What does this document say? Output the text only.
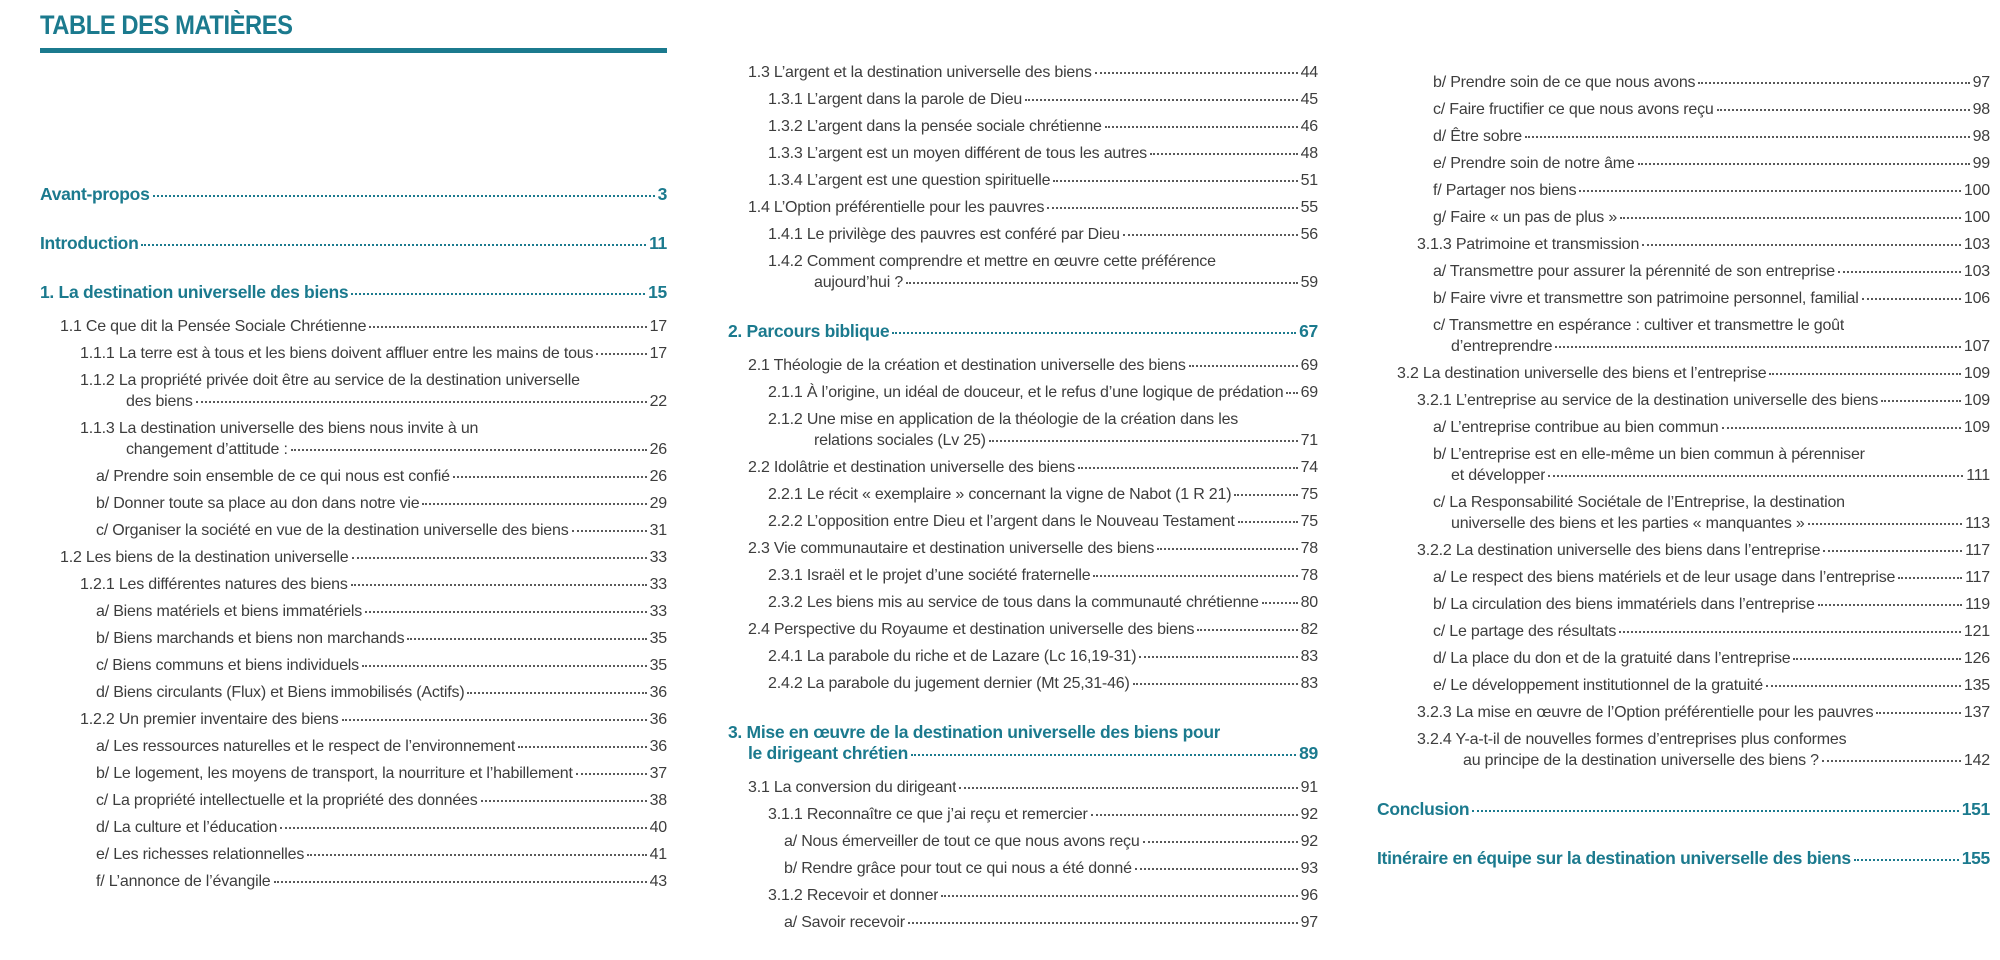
TABLE DES MATIÈRES
Avant-propos	3
Introduction	11
1. La destination universelle des biens	15
1.1 Ce que dit la Pensée Sociale Chrétienne	17
1.1.1 La terre est à tous et les biens doivent affluer entre les mains de tous	17
1.1.2 La propriété privée doit être au service de la destination universelle
des biens	22
1.1.3 La destination universelle des biens nous invite à un
changement d’attitude :	26
a/ Prendre soin ensemble de ce qui nous est confié	26
b/ Donner toute sa place au don dans notre vie	29
c/ Organiser la société en vue de la destination universelle des biens	31
1.2 Les biens de la destination universelle	33
1.2.1 Les différentes natures des biens	33
a/ Biens matériels et biens immatériels	33
b/ Biens marchands et biens non marchands	35
c/ Biens communs et biens individuels	35
d/ Biens circulants (Flux) et Biens immobilisés (Actifs)	36
1.2.2 Un premier inventaire des biens	36
a/ Les ressources naturelles et le respect de l’environnement	36
b/ Le logement, les moyens de transport, la nourriture et l’habillement	37
c/ La propriété intellectuelle et la propriété des données	38
d/ La culture et l’éducation	40
e/ Les richesses relationnelles	41
f/ L’annonce de l’évangile	43
1.3 L’argent et la destination universelle des biens	44
1.3.1 L’argent dans la parole de Dieu	45
1.3.2 L’argent dans la pensée sociale chrétienne	46
1.3.3 L’argent est un moyen différent de tous les autres	48
1.3.4 L’argent est une question spirituelle	51
1.4 L’Option préférentielle pour les pauvres	55
1.4.1 Le privilège des pauvres est conféré par Dieu	56
1.4.2 Comment comprendre et mettre en œuvre cette préférence
aujourd’hui ?	59
2. Parcours biblique	67
2.1 Théologie de la création et destination universelle des biens	69
2.1.1 À l’origine, un idéal de douceur, et le refus d’une logique de prédation 69
2.1.2 Une mise en application de la théologie de la création dans les
relations sociales (Lv 25)	71
2.2 Idolâtrie et destination universelle des biens	74
2.2.1 Le récit « exemplaire » concernant la vigne de Nabot (1 R 21)	75
2.2.2 L’opposition entre Dieu et l’argent dans le Nouveau Testament	75
2.3 Vie communautaire et destination universelle des biens	78
2.3.1 Israël et le projet d’une société fraternelle	78
2.3.2 Les biens mis au service de tous dans la communauté chrétienne	80
2.4 Perspective du Royaume et destination universelle des biens	82
2.4.1 La parabole du riche et de Lazare (Lc 16,19-31)	83
2.4.2 La parabole du jugement dernier (Mt 25,31-46)	83
3. Mise en œuvre de la destination universelle des biens pour
le dirigeant chrétien	89
3.1 La conversion du dirigeant	91
3.1.1 Reconnaître ce que j’ai reçu et remercier	92
a/ Nous émerveiller de tout ce que nous avons reçu	92
b/ Rendre grâce pour tout ce qui nous a été donné	93
3.1.2 Recevoir et donner	96
a/ Savoir recevoir	97
b/ Prendre soin de ce que nous avons	97
c/ Faire fructifier ce que nous avons reçu	98
d/ Être sobre	98
e/ Prendre soin de notre âme	99
f/ Partager nos biens	100
g/ Faire « un pas de plus »	100
3.1.3 Patrimoine et transmission	103
a/ Transmettre pour assurer la pérennité de son entreprise	103
b/ Faire vivre et transmettre son patrimoine personnel, familial	106
c/ Transmettre en espérance : cultiver et transmettre le goût
d’entreprendre	107
3.2 La destination universelle des biens et l’entreprise	109
3.2.1 L’entreprise au service de la destination universelle des biens	109
a/ L’entreprise contribue au bien commun	109
b/ L’entreprise est en elle-même un bien commun à pérenniser
et développer	111
c/ La Responsabilité Sociétale de l’Entreprise, la destination
universelle des biens et les parties « manquantes »	113
3.2.2 La destination universelle des biens dans l’entreprise	117
a/ Le respect des biens matériels et de leur usage dans l’entreprise	117
b/ La circulation des biens immatériels dans l’entreprise	119
c/ Le partage des résultats	121
d/ La place du don et de la gratuité dans l’entreprise	126
e/ Le développement institutionnel de la gratuité	135
3.2.3 La mise en œuvre de l’Option préférentielle pour les pauvres	137
3.2.4 Y-a-t-il de nouvelles formes d’entreprises plus conformes
au principe de la destination universelle des biens ?	142
Conclusion	151
Itinéraire en équipe sur la destination universelle des biens	155
